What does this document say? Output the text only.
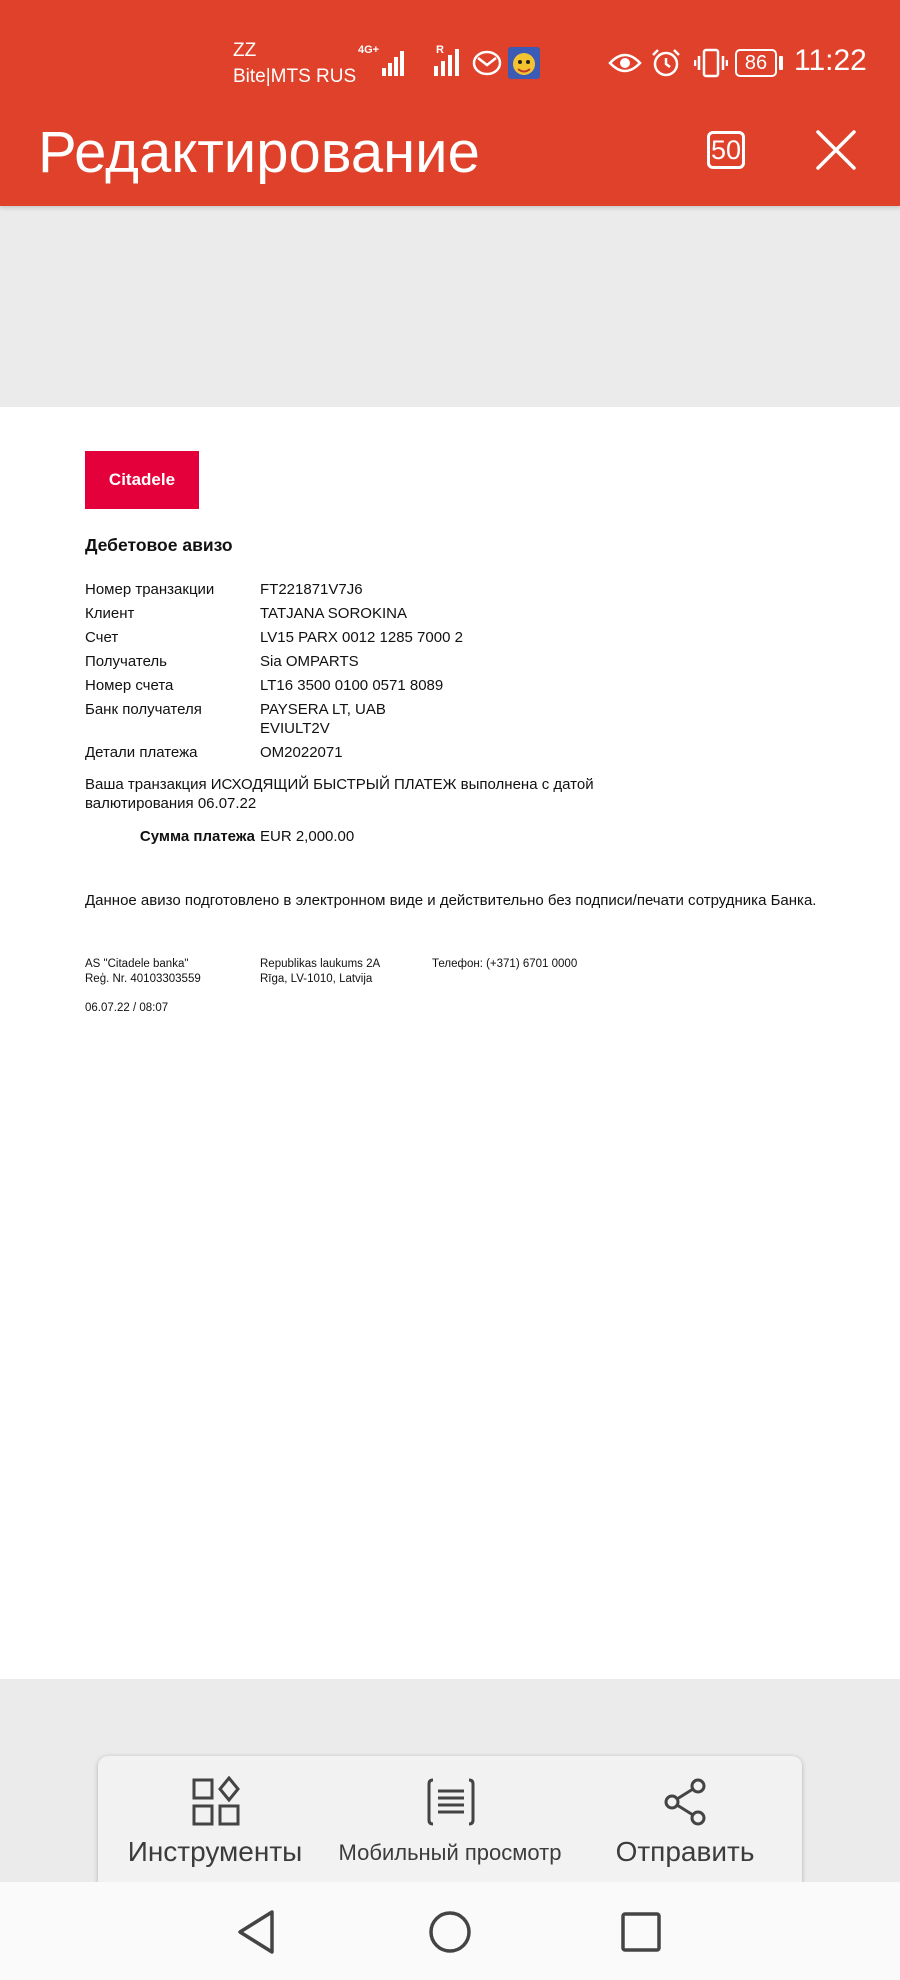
ZZ
Bite|MTS RUS
4G+	R
86 11:22
Редактирование	50
Citadele
Дебетовое авизо
Номер транзакции	FT221871V7J6
Клиент	TATJANA SOROKINA
Счет	LV15 PARX 0012 1285 7000 2
Получатель	Sia OMPARTS
Номер счета	LT16 3500 0100 0571 8089
Банк получателя	PAYSERA LT, UAB
EVIULT2V
Детали платежа	OM2022071
Ваша транзакция ИСХОДЯЩИЙ БЫСТРЫЙ ПЛАТЕЖ выполнена с датой
валютирования 06.07.22
Сумма платежа EUR 2,000.00
Данное авизо подготовлено в электронном виде и действительно без подписи/печати сотрудника Банка.
AS "Citadele banka"
Reģ. Nr. 40103303559
Republikas laukums 2A
Rīga, LV-1010, Latvija
Телефон: (+371) 6701 0000
06.07.22 / 08:07
Инструменты	Мобильный просмотр	Отправить
